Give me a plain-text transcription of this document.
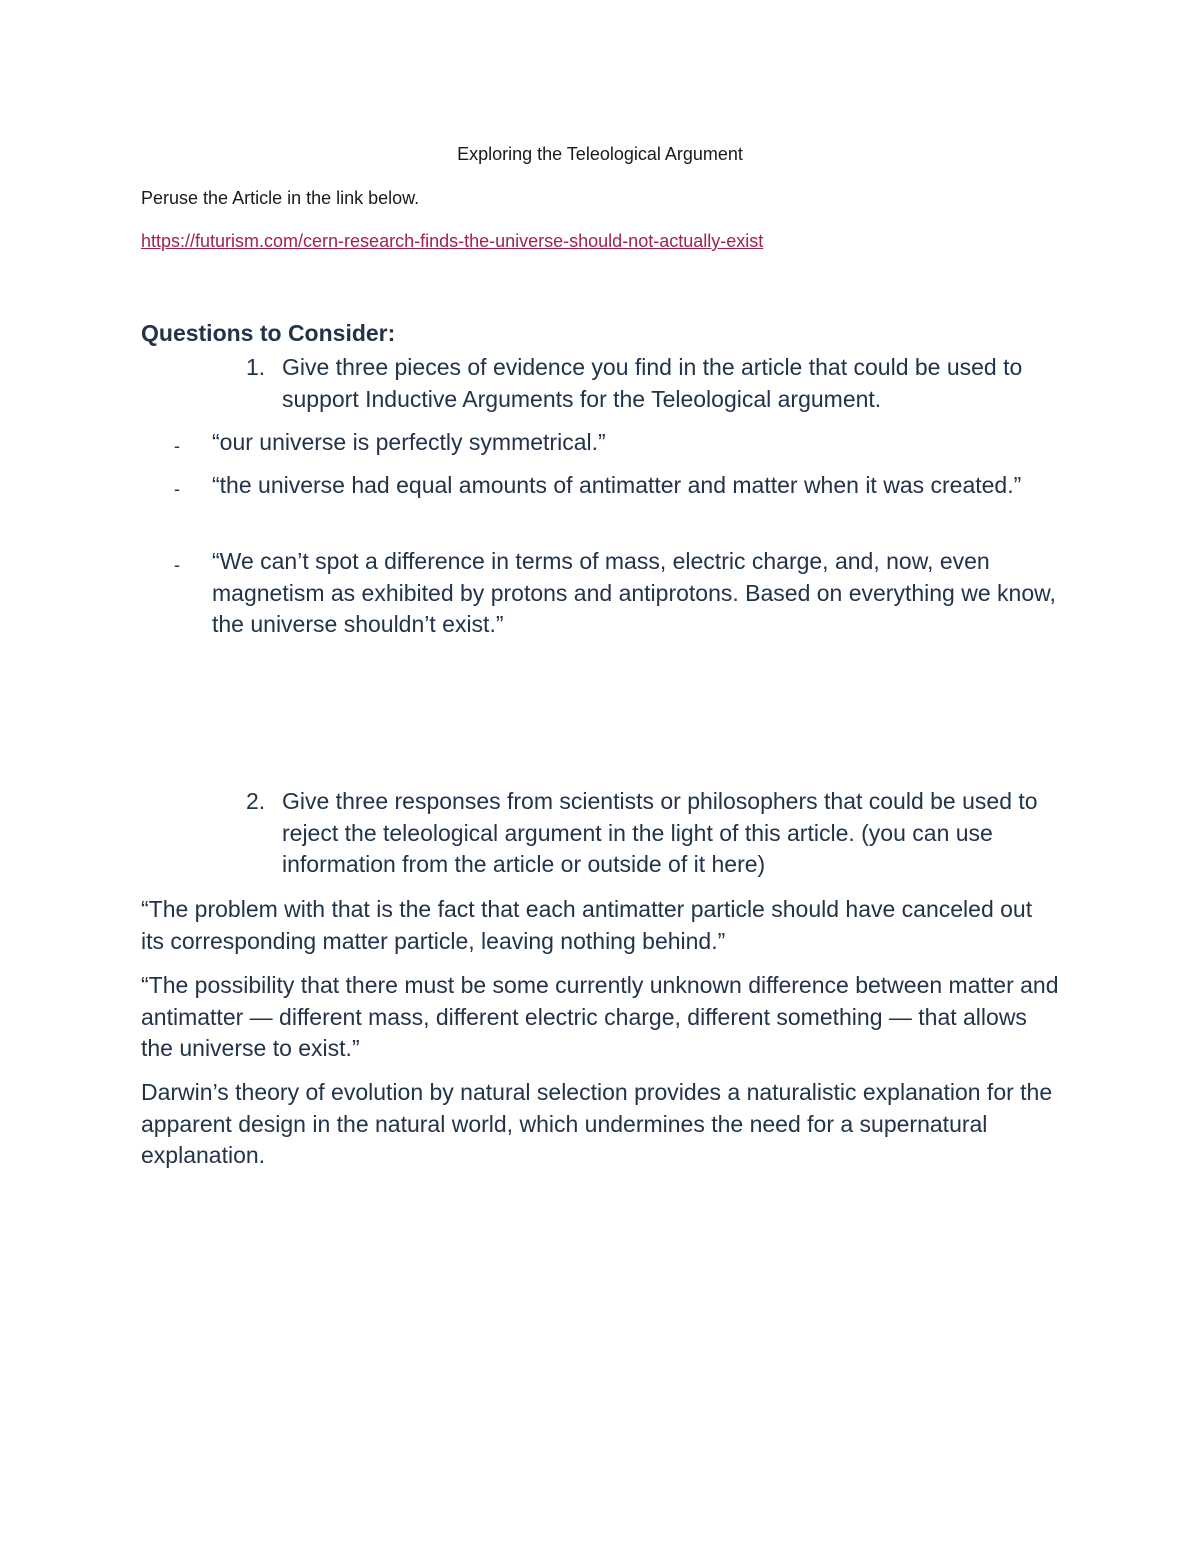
Exploring the Teleological Argument
Peruse the Article in the link below.
https://futurism.com/cern-research-finds-the-universe-should-not-actually-exist
Questions to Consider:
1. Give three pieces of evidence you find in the article that could be used to support Inductive Arguments for the Teleological argument.
- “our universe is perfectly symmetrical.”
- “the universe had equal amounts of antimatter and matter when it was created.”
- “We can’t spot a difference in terms of mass, electric charge, and, now, even magnetism as exhibited by protons and antiprotons. Based on everything we know, the universe shouldn’t exist.”
2. Give three responses from scientists or philosophers that could be used to reject the teleological argument in the light of this article. (you can use information from the article or outside of it here)
“The problem with that is the fact that each antimatter particle should have canceled out its corresponding matter particle, leaving nothing behind.”
“The possibility that there must be some currently unknown difference between matter and antimatter — different mass, different electric charge, different something — that allows the universe to exist.”
Darwin’s theory of evolution by natural selection provides a naturalistic explanation for the apparent design in the natural world, which undermines the need for a supernatural explanation.
